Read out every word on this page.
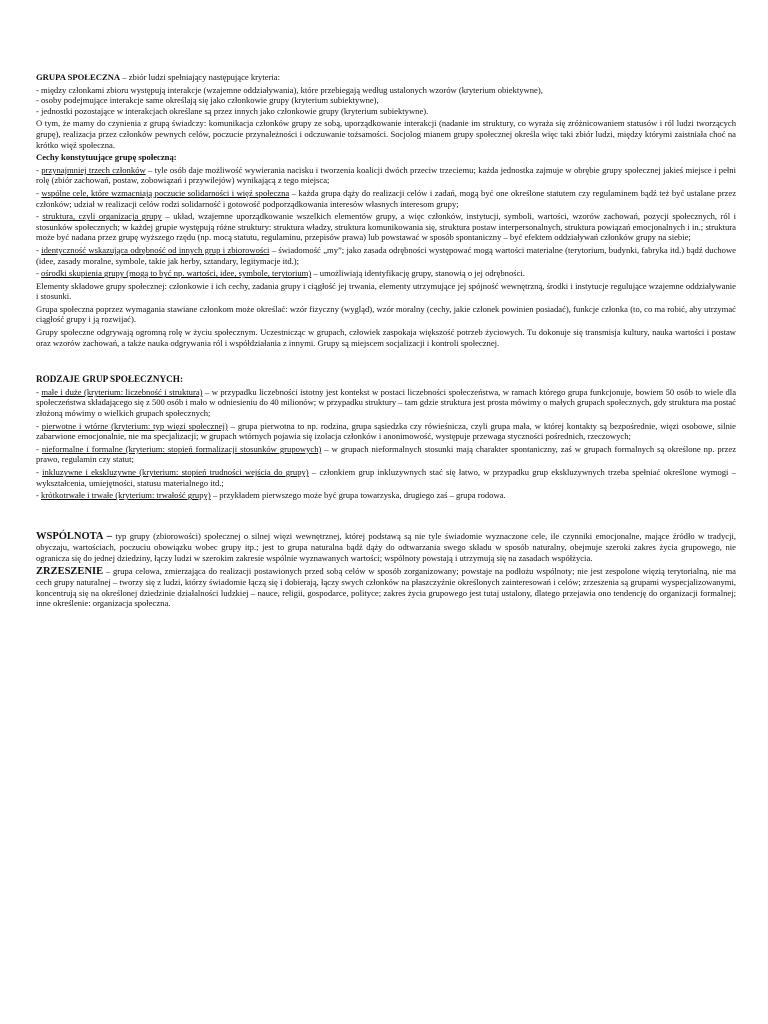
GRUPA SPOŁECZNA – zbiór ludzi spełniający następujące kryteria:

- między członkami zbioru występują interakcje (wzajemne oddziaływania), które przebiegają według ustalonych wzorów (kryterium obiektywne),

- osoby podejmujące interakcje same określają się jako członkowie grupy (kryterium subiektywne),

- jednostki pozostające w interakcjach określane są przez innych jako członkowie grupy (kryterium subiektywne).

O tym, że mamy do czynienia z grupą świadczy: komunikacja członków grupy ze sobą, uporządkowanie interakcji (nadanie im struktury, co wyraża się zróżnicowaniem statusów i ról ludzi tworzących grupę), realizacja przez członków pewnych celów, poczucie przynależności i odczuwanie tożsamości. Socjolog mianem grupy społecznej określa więc taki zbiór ludzi, między którymi zaistniała choć na krótko więź społeczna.

Cechy konstytuujące grupę społeczną:

- przynajmniej trzech członków – tyle osób daje możliwość wywierania nacisku i tworzenia koalicji dwóch przeciw trzeciemu; każda jednostka zajmuje w obrębie grupy społecznej jakieś miejsce i pełni rolę (zbiór zachowań, postaw, zobowiązań i przywilejów) wynikającą z tego miejsca;

- wspólne cele, które wzmacniają poczucie solidarności i więź społeczna – każda grupa dąży do realizacji celów i zadań, mogą być one określone statutem czy regulaminem bądź też być ustalane przez członków; udział w realizacji celów rodzi solidarność i gotowość podporządkowania interesów własnych interesom grupy;

- struktura, czyli organizacja grupy – układ, wzajemne uporządkowanie wszelkich elementów grupy, a więc członków, instytucji, symboli, wartości, wzorów zachowań, pozycji społecznych, ról i stosunków społecznych; w każdej grupie występują różne struktury: struktura władzy, struktura komunikowania się, struktura postaw interpersonalnych, struktura powiązań emocjonalnych i in.; struktura może być nadana przez grupę wyższego rzędu (np. mocą statutu, regulaminu, przepisów prawa) lub powstawać w sposób spontaniczny – być efektem oddziaływań członków grupy na siebie;

- identyczność wskazująca odrębność od innych grup i zbiorowości – świadomość „my”; jako zasada odrębności występować mogą wartości materialne (terytorium, budynki, fabryka itd.) bądź duchowe (idee, zasady moralne, symbole, takie jak herby, sztandary, legitymacje itd.);

- ośrodki skupienia grupy (mogą to być np. wartości, idee, symbole, terytorium) – umożliwiają identyfikację grupy, stanowią o jej odrębności.

Elementy składowe grupy społecznej: członkowie i ich cechy, zadania grupy i ciągłość jej trwania, elementy utrzymujące jej spójność wewnętrzną, środki i instytucje regulujące wzajemne oddziaływanie i stosunki.

Grupa społeczna poprzez wymagania stawiane członkom może określać: wzór fizyczny (wygląd), wzór moralny (cechy, jakie członek powinien posiadać), funkcje członka (to, co ma robić, aby utrzymać ciągłość grupy i ją rozwijać).

Grupy społeczne odgrywają ogromną rolę w życiu społecznym. Uczestnicząc w grupach, człowiek zaspokaja większość potrzeb życiowych. Tu dokonuje się transmisja kultury, nauka wartości i postaw oraz wzorów zachowań, a także nauka odgrywania ról i współdziałania z innymi. Grupy są miejscem socjalizacji i kontroli społecznej.

RODZAJE GRUP SPOŁECZNYCH:

- małe i duże (kryterium: liczebność i struktura) – w przypadku liczebności istotny jest kontekst w postaci liczebności społeczeństwa, w ramach którego grupa funkcjonuje, bowiem 50 osób to wiele dla społeczeństwa składającego się z 500 osób i mało w odniesieniu do 40 milionów; w przypadku struktury – tam gdzie struktura jest prosta mówimy o małych grupach społecznych, gdy struktura ma postać złożoną mówimy o wielkich grupach społecznych;

- pierwotne i wtórne (kryterium: typ więzi społecznej) – grupa pierwotna to np. rodzina, grupa sąsiedzka czy rówieśnicza, czyli grupa mała, w której kontakty są bezpośrednie, więzi osobowe, silnie zabarwione emocjonalnie, nie ma specjalizacji; w grupach wtórnych pojawia się izolacja członków i anonimowość, występuje przewaga styczności pośrednich, rzeczowych;

- nieformalne i formalne (kryterium: stopień formalizacji stosunków grupowych) – w grupach nieformalnych stosunki mają charakter spontaniczny, zaś w grupach formalnych są określone np. przez prawo, regulamin czy statut;

- inkluzywne i ekskluzywne (kryterium: stopień trudności wejścia do grupy) – członkiem grup inkluzywnych stać się łatwo, w przypadku grup ekskluzywnych trzeba spełniać określone wymogi – wykształcenia, umiejętności, statusu materialnego itd.;

- krótkotrwałe i trwałe (kryterium: trwałość grupy) – przykładem pierwszego może być grupa towarzyska, drugiego zaś – grupa rodowa.

WSPÓLNOTA – typ grupy (zbiorowości) społecznej o silnej więzi wewnętrznej, której podstawą są nie tyle świadomie wyznaczone cele, ile czynniki emocjonalne, mające źródło w tradycji, obyczaju, wartościach, poczuciu obowiązku wobec grupy itp.; jest to grupa naturalna bądź dąży do odtwarzania swego składu w sposób naturalny, obejmuje szeroki zakres życia grupowego, nie ogranicza się do jednej dziedziny, łączy ludzi w szerokim zakresie wspólnie wyznawanych wartości; wspólnoty powstają i utrzymują się na zasadach współżycia.

ZRZESZENIE – grupa celowa, zmierzająca do realizacji postawionych przed sobą celów w sposób zorganizowany; powstaje na podłożu wspólnoty; nie jest zespolone więzią terytorialną, nie ma cech grupy naturalnej – tworzy się z ludzi, którzy świadomie łączą się i dobierają, łączy swych członków na płaszczyźnie określonych zainteresowań i celów; zrzeszenia są grupami wyspecjalizowanymi, koncentrują się na określonej dziedzinie działalności ludzkiej – nauce, religii, gospodarce, polityce; zakres życia grupowego jest tutaj ustalony, dlatego przejawia ono tendencję do organizacji formalnej; inne określenie: organizacja społeczna.
